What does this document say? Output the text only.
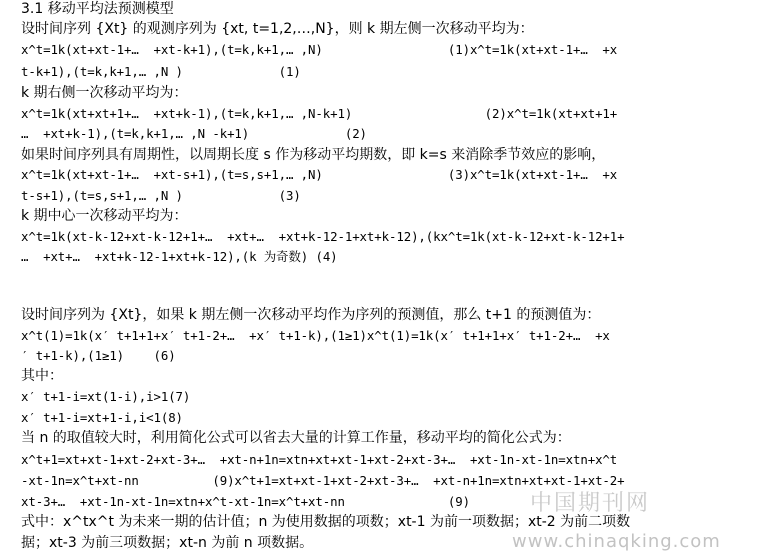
3.1 移动平均法预测模型
设时间序列 {Xt} 的观测序列为 {xt, t=1,2,…,N}，则 k 期左侧一次移动平均为：
x^t=1k(xt+xt-1+…  +xt-k+1),(t=k,k+1,… ,N)                 (1)x^t=1k(xt+xt-1+…  +x
t-k+1),(t=k,k+1,… ,N )             (1)
k 期右侧一次移动平均为：
x^t=1k(xt+xt+1+…  +xt+k-1),(t=k,k+1,… ,N-k+1)                  (2)x^t=1k(xt+xt+1+
…  +xt+k-1),(t=k,k+1,… ,N -k+1)             (2)
如果时间序列具有周期性，以周期长度 s 作为移动平均期数，即 k=s 来消除季节效应的影响，
x^t=1k(xt+xt-1+…  +xt-s+1),(t=s,s+1,… ,N)                 (3)x^t=1k(xt+xt-1+…  +x
t-s+1),(t=s,s+1,… ,N )             (3)
k 期中心一次移动平均为：
x^t=1k(xt-k-12+xt-k-12+1+…  +xt+…  +xt+k-12-1+xt+k-12),(kx^t=1k(xt-k-12+xt-k-12+1+
…  +xt+…  +xt+k-12-1+xt+k-12),(k 为奇数) (4)
设时间序列为 {Xt}，如果 k 期左侧一次移动平均作为序列的预测值，那么 t+1 的预测值为：
x^t(1)=1k(x′ t+1+1+x′ t+1-2+…  +x′ t+1-k),(1≥1)x^t(1)=1k(x′ t+1+1+x′ t+1-2+…  +x
′ t+1-k),(1≥1)    (6)
其中：
x′ t+1-i=xt(1-i),i>1(7)
x′ t+1-i=xt+1-i,i<1(8)
当 n 的取值较大时，利用简化公式可以省去大量的计算工作量，移动平均的简化公式为：
x^t+1=xt+xt-1+xt-2+xt-3+…  +xt-n+1n=xtn+xt+xt-1+xt-2+xt-3+…  +xt-1n-xt-1n=xtn+x^t
-xt-1n=x^t+xt-nn          (9)x^t+1=xt+xt-1+xt-2+xt-3+…  +xt-n+1n=xtn+xt+xt-1+xt-2+
xt-3+…  +xt-1n-xt-1n=xtn+x^t-xt-1n=x^t+xt-nn              (9)
式中：x^tx^t 为未来一期的估计值；n 为使用数据的项数；xt-1 为前一项数据；xt-2 为前二项数
据；xt-3 为前三项数据；xt-n 为前 n 项数据。
中国期刊网
www.chinaqking.com
